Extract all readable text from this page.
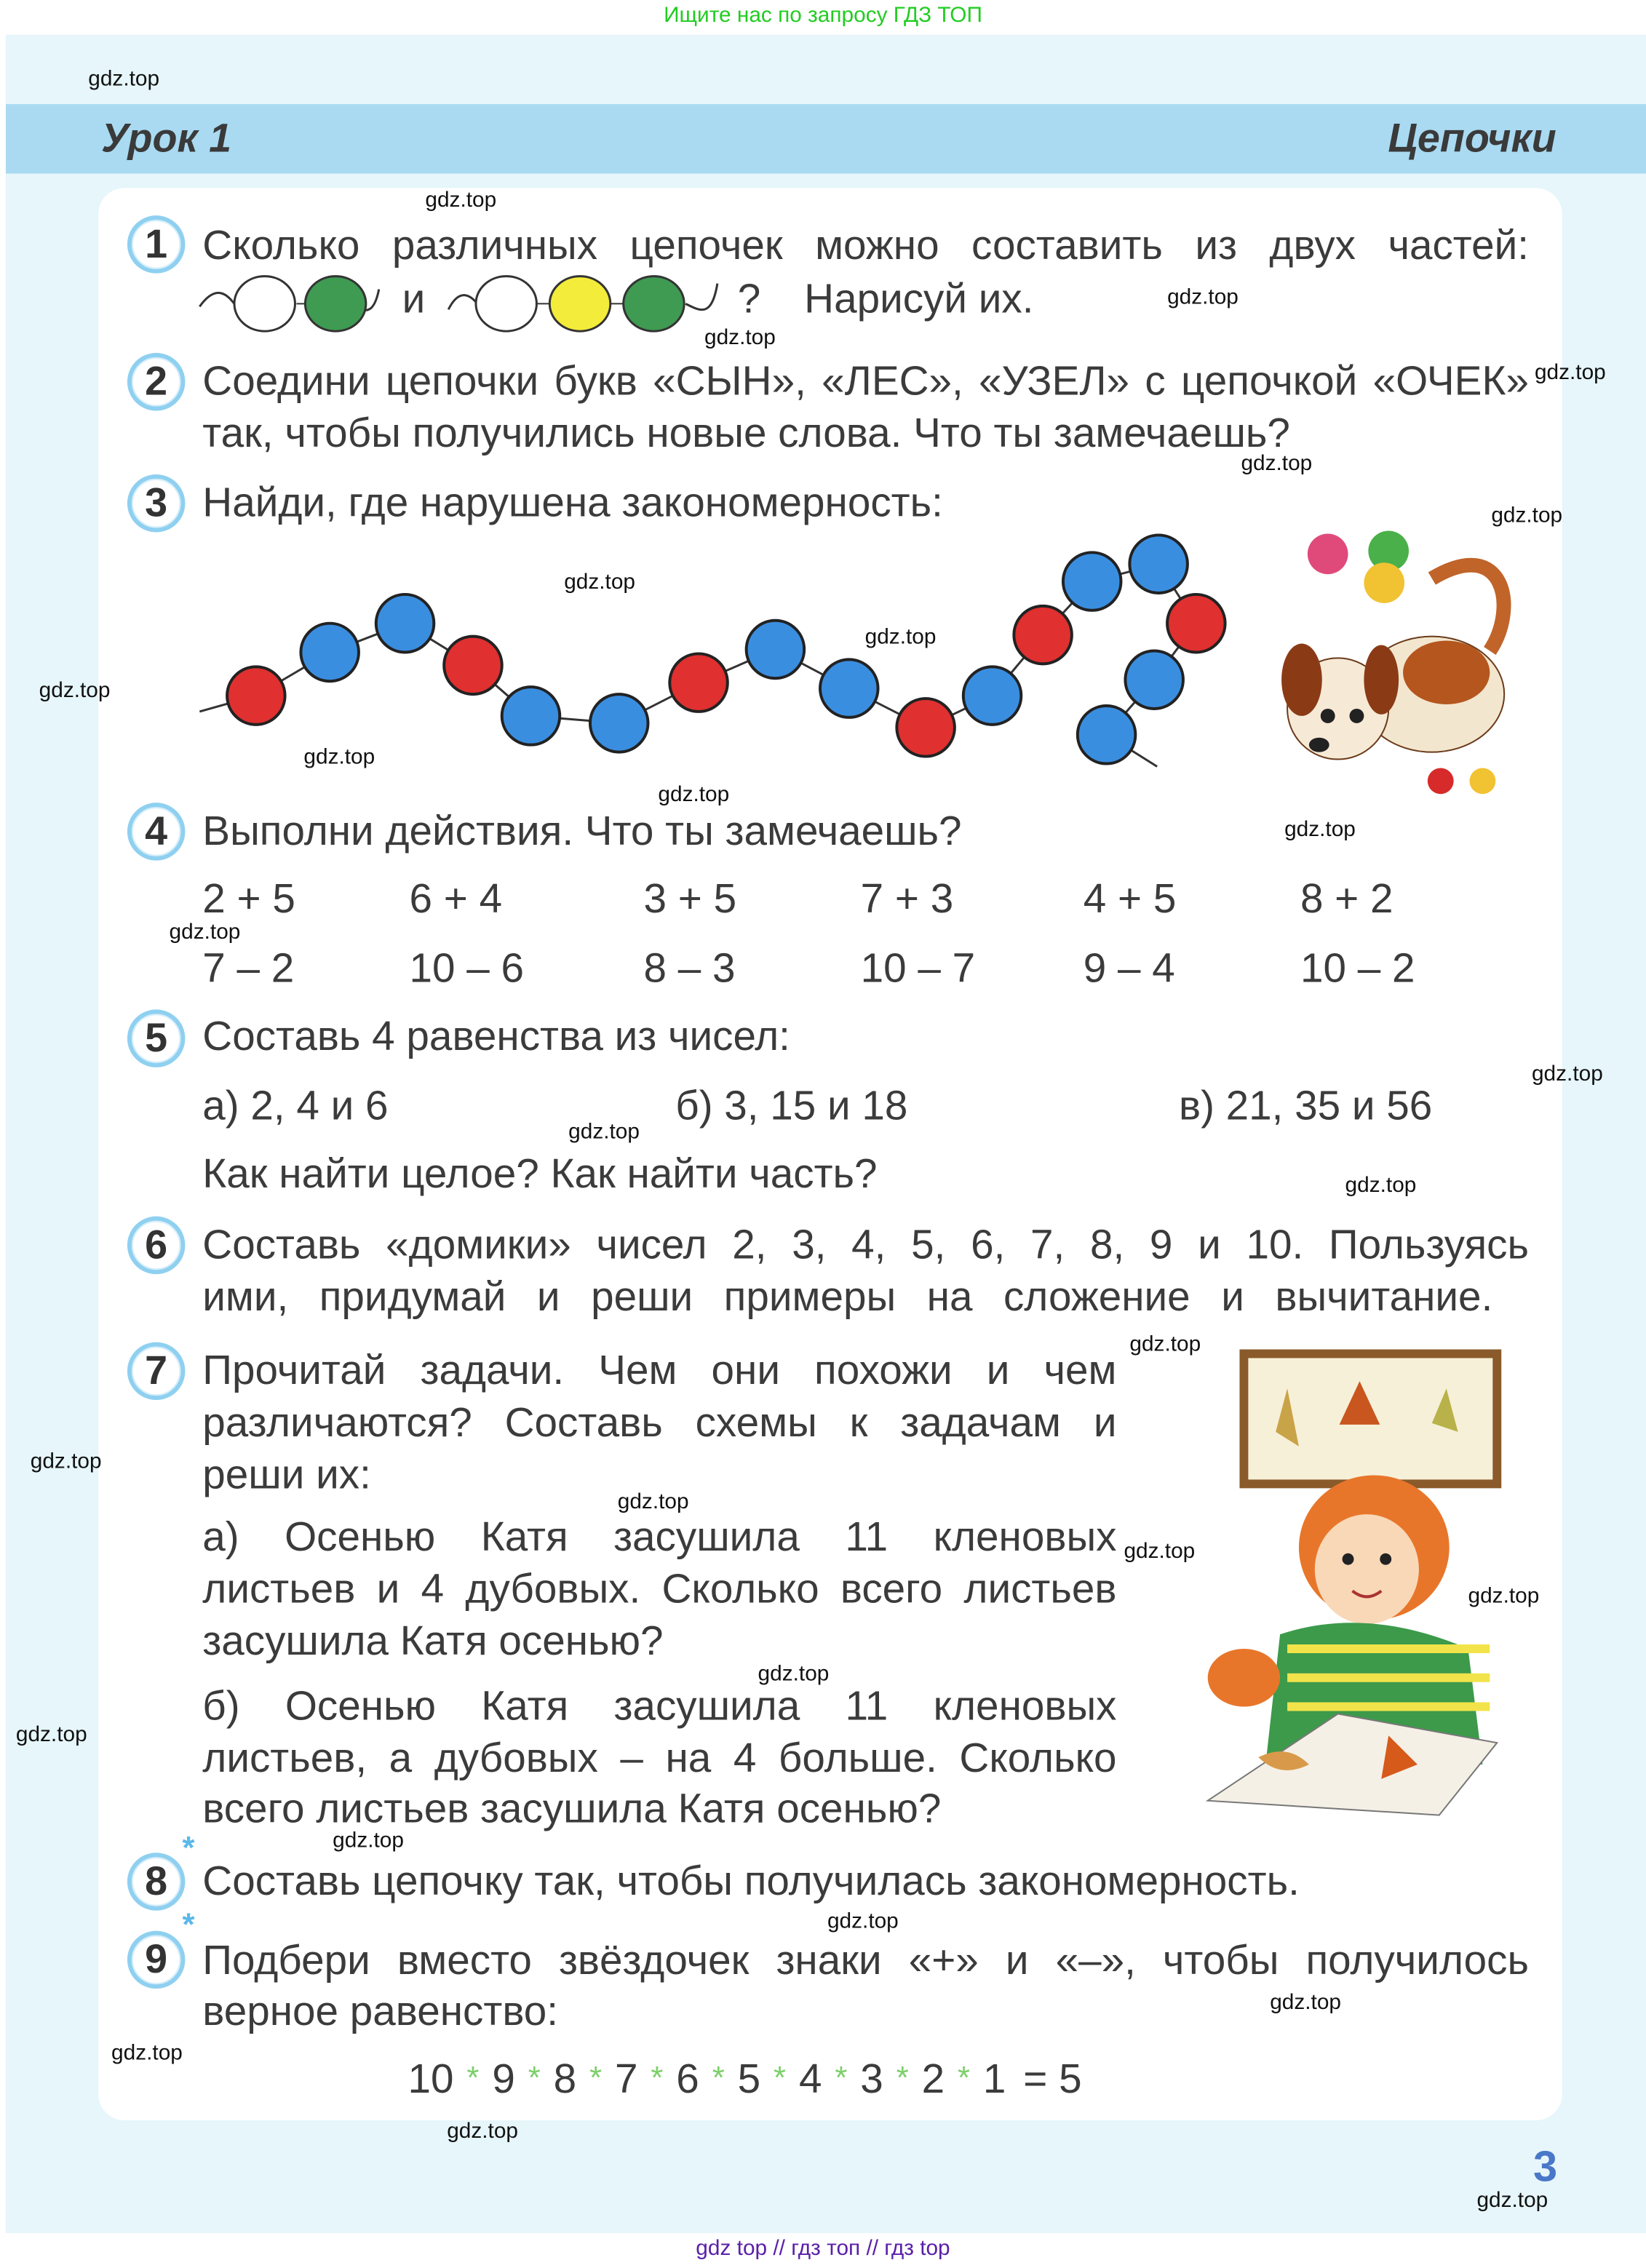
Ищите нас по запросу ГДЗ ТОП
Урок 1	Цепочки
1	Сколько различных цепочек можно составить из двух частей:
и	? Нарисуй их.
2	Соедини цепочки букв «СЫН», «ЛЕС», «УЗЕЛ» с цепочкой «ОЧЕК»
так, чтобы получились новые слова. Что ты замечаешь?
3	Найди, где нарушена закономерность:
4	Выполни действия. Что ты замечаешь?
2 + 5	6 + 4	3 + 5	7 + 3	4 + 5	8 + 2
7 – 2	10 – 6	8 – 3	10 – 7	9 – 4	10 – 2
5	Составь 4 равенства из чисел:
а) 2, 4 и 6	б) 3, 15 и 18	в) 21, 35 и 56
Как найти целое? Как найти часть?
6	Составь «домики» чисел 2, 3, 4, 5, 6, 7, 8, 9 и 10. Пользуясь
ими, придумай и реши примеры на сложение и вычитание.
7	Прочитай задачи. Чем они похожи и чем
различаются? Составь схемы к задачам и
реши их:
а) Осенью Катя засушила 11 кленовых
листьев и 4 дубовых. Сколько всего листьев
засушила Катя осенью?
б) Осенью Катя засушила 11 кленовых
листьев, а дубовых – на 4 больше. Сколько
всего листьев засушила Катя осенью?
*
8	Составь цепочку так, чтобы получилась закономерность.
*
9	Подбери вместо звёздочек знаки «+» и «–», чтобы получилось
верное равенство:
10 * 9 * 8 * 7 * 6 * 5 * 4 * 3 * 2 * 1 = 5
3
gdz top // гдз топ // гдз top
gdz.top
gdz.top
gdz.top
gdz.top
gdz.top
gdz.top
gdz.top
gdz.top
gdz.top
gdz.top
gdz.top
gdz.top
gdz.top
gdz.top
gdz.top
gdz.top
gdz.top
gdz.top
gdz.top
gdz.top
gdz.top
gdz.top
gdz.top
gdz.top
gdz.top
gdz.top
gdz.top
gdz.top
gdz.top
gdz.top
